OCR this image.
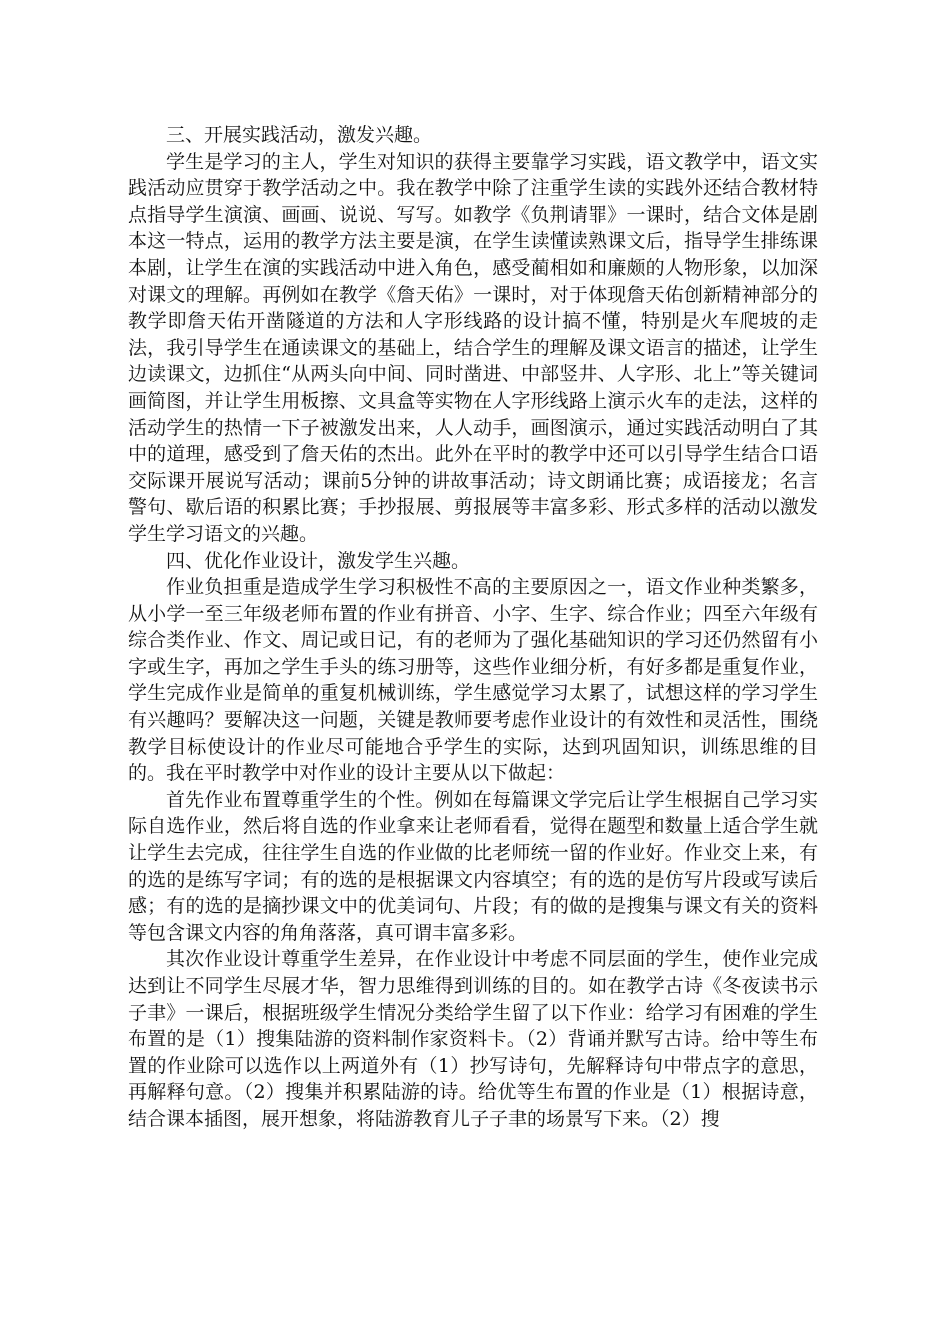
三、开展实践活动，激发兴趣。

学生是学习的主人，学生对知识的获得主要靠学习实践，语文教学中，语文实践活动应贯穿于教学活动之中。我在教学中除了注重学生读的实践外还结合教材特点指导学生演演、画画、说说、写写。如教学《负荆请罪》一课时，结合文体是剧本这一特点，运用的教学方法主要是演，在学生读懂读熟课文后，指导学生排练课本剧，让学生在演的实践活动中进入角色，感受蔺相如和廉颇的人物形象，以加深对课文的理解。再例如在教学《詹天佑》一课时，对于体现詹天佑创新精神部分的教学即詹天佑开凿隧道的方法和人字形线路的设计搞不懂，特别是火车爬坡的走法，我引导学生在通读课文的基础上，结合学生的理解及课文语言的描述，让学生边读课文，边抓住“从两头向中间、同时凿进、中部竖井、人字形、北上”等关键词画简图，并让学生用板擦、文具盒等实物在人字形线路上演示火车的走法，这样的活动学生的热情一下子被激发出来，人人动手，画图演示，通过实践活动明白了其中的道理，感受到了詹天佑的杰出。此外在平时的教学中还可以引导学生结合口语交际课开展说写活动；课前5分钟的讲故事活动；诗文朗诵比赛；成语接龙；名言警句、歇后语的积累比赛；手抄报展、剪报展等丰富多彩、形式多样的活动以激发学生学习语文的兴趣。

四、优化作业设计，激发学生兴趣。

作业负担重是造成学生学习积极性不高的主要原因之一，语文作业种类繁多，从小学一至三年级老师布置的作业有拼音、小字、生字、综合作业；四至六年级有综合类作业、作文、周记或日记，有的老师为了强化基础知识的学习还仍然留有小字或生字，再加之学生手头的练习册等，这些作业细分析，有好多都是重复作业，学生完成作业是简单的重复机械训练，学生感觉学习太累了，试想这样的学习学生有兴趣吗？要解决这一问题，关键是教师要考虑作业设计的有效性和灵活性，围绕教学目标使设计的作业尽可能地合乎学生的实际，达到巩固知识，训练思维的目的。我在平时教学中对作业的设计主要从以下做起：

首先作业布置尊重学生的个性。例如在每篇课文学完后让学生根据自己学习实际自选作业，然后将自选的作业拿来让老师看看，觉得在题型和数量上适合学生就让学生去完成，往往学生自选的作业做的比老师统一留的作业好。作业交上来，有的选的是练写字词；有的选的是根据课文内容填空；有的选的是仿写片段或写读后感；有的选的是摘抄课文中的优美词句、片段；有的做的是搜集与课文有关的资料等包含课文内容的角角落落，真可谓丰富多彩。

其次作业设计尊重学生差异，在作业设计中考虑不同层面的学生，使作业完成达到让不同学生尽展才华，智力思维得到训练的目的。如在教学古诗《冬夜读书示子聿》一课后，根据班级学生情况分类给学生留了以下作业：给学习有困难的学生布置的是（1）搜集陆游的资料制作家资料卡。（2）背诵并默写古诗。给中等生布置的作业除可以选作以上两道外有（1）抄写诗句，先解释诗句中带点字的意思，再解释句意。（2）搜集并积累陆游的诗。给优等生布置的作业是（1）根据诗意，结合课本插图，展开想象，将陆游教育儿子子聿的场景写下来。（2）搜
